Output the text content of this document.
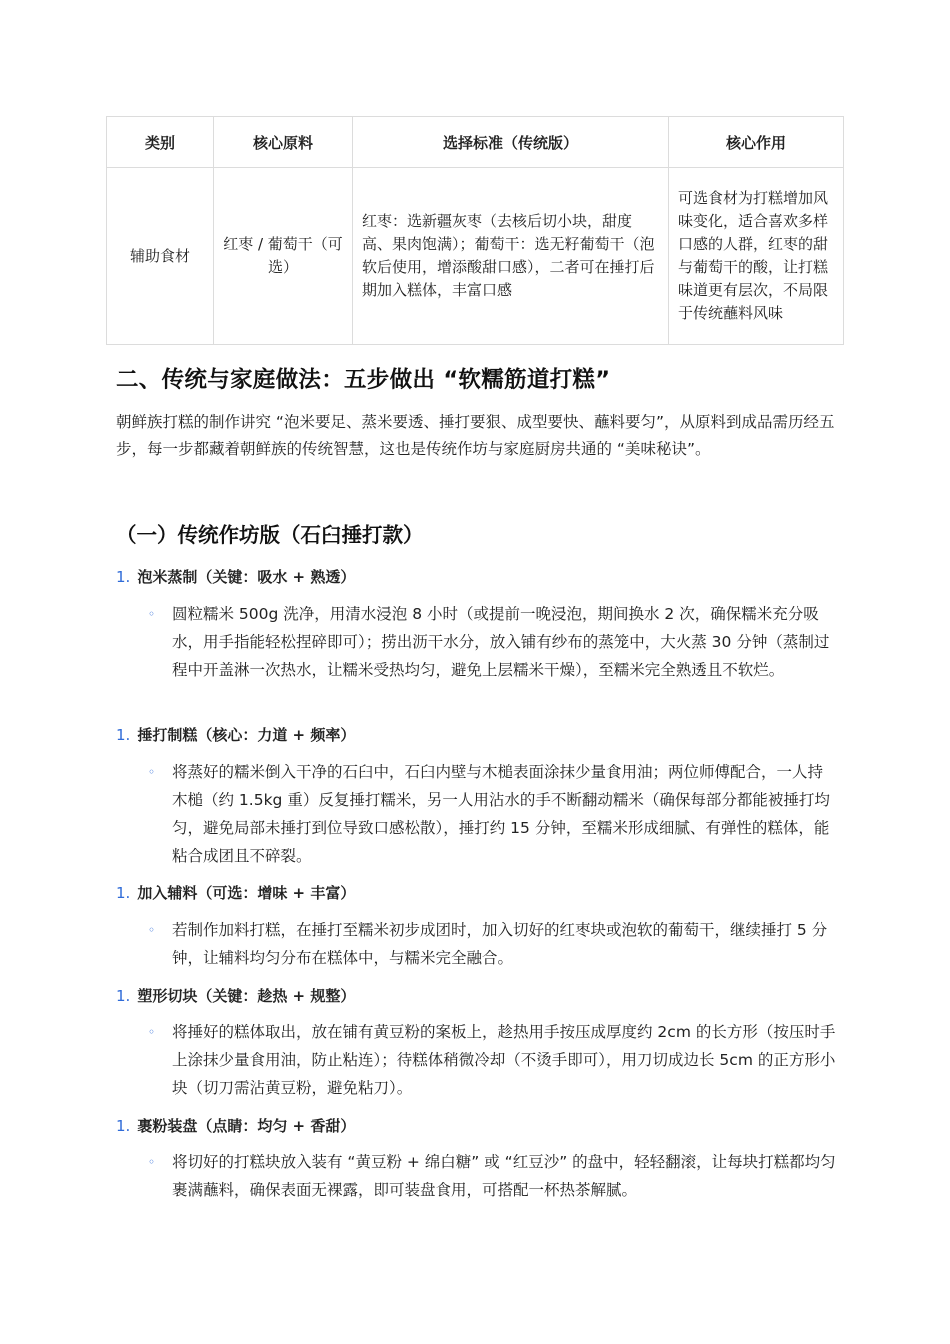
类别	核心原料	选择标准（传统版）	核心作用
辅助食材	红枣 / 葡萄干（可选）	红枣：选新疆灰枣（去核后切小块，甜度高、果肉饱满）；葡萄干：选无籽葡萄干（泡软后使用，增添酸甜口感），二者可在捶打后期加入糕体，丰富口感	可选食材为打糕增加风味变化，适合喜欢多样口感的人群，红枣的甜与葡萄干的酸，让打糕味道更有层次，不局限于传统蘸料风味
二、传统与家庭做法：五步做出 “软糯筋道打糕”

朝鲜族打糕的制作讲究 “泡米要足、蒸米要透、捶打要狠、成型要快、蘸料要匀”，从原料到成品需历经五步，每一步都藏着朝鲜族的传统智慧，这也是传统作坊与家庭厨房共通的 “美味秘诀”。

（一）传统作坊版（石臼捶打款）
1. 泡米蒸制（关键：吸水 + 熟透）
◦ 圆粒糯米 500g 洗净，用清水浸泡 8 小时（或提前一晚浸泡，期间换水 2 次，确保糯米充分吸水，用手指能轻松捏碎即可）；捞出沥干水分，放入铺有纱布的蒸笼中，大火蒸 30 分钟（蒸制过程中开盖淋一次热水，让糯米受热均匀，避免上层糯米干燥），至糯米完全熟透且不软烂。
1. 捶打制糕（核心：力道 + 频率）
◦ 将蒸好的糯米倒入干净的石臼中，石臼内壁与木槌表面涂抹少量食用油；两位师傅配合，一人持木槌（约 1.5kg 重）反复捶打糯米，另一人用沾水的手不断翻动糯米（确保每部分都能被捶打均匀，避免局部未捶打到位导致口感松散），捶打约 15 分钟，至糯米形成细腻、有弹性的糕体，能粘合成团且不碎裂。
1. 加入辅料（可选：增味 + 丰富）
◦ 若制作加料打糕，在捶打至糯米初步成团时，加入切好的红枣块或泡软的葡萄干，继续捶打 5 分钟，让辅料均匀分布在糕体中，与糯米完全融合。
1. 塑形切块（关键：趁热 + 规整）
◦ 将捶好的糕体取出，放在铺有黄豆粉的案板上，趁热用手按压成厚度约 2cm 的长方形（按压时手上涂抹少量食用油，防止粘连）；待糕体稍微冷却（不烫手即可），用刀切成边长 5cm 的正方形小块（切刀需沾黄豆粉，避免粘刀）。
1. 裹粉装盘（点睛：均匀 + 香甜）
◦ 将切好的打糕块放入装有 “黄豆粉 + 绵白糖” 或 “红豆沙” 的盘中，轻轻翻滚，让每块打糕都均匀裹满蘸料，确保表面无裸露，即可装盘食用，可搭配一杯热茶解腻。
